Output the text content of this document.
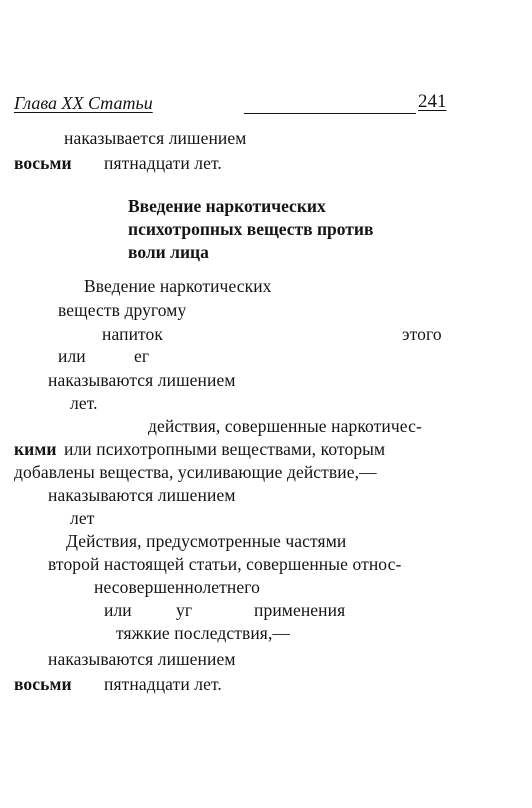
Глава XX Статьи	241
наказывается лишением
восьми пятнадцати лет.
Введение наркотических
психотропных веществ против
воли лица
Введение наркотических
веществ другому
напиток	этого
или	ег
наказываются лишением
лет.
действия, совершенные наркотичес-
кими или психотропными веществами, которым
добавлены вещества, усиливающие действие,—
наказываются лишением
лет
Действия, предусмотренные частями
второй настоящей статьи, совершенные относ-
несовершеннолетнего
или	уг	применения
тяжкие последствия,—
наказываются лишением
восьми пятнадцати лет.
